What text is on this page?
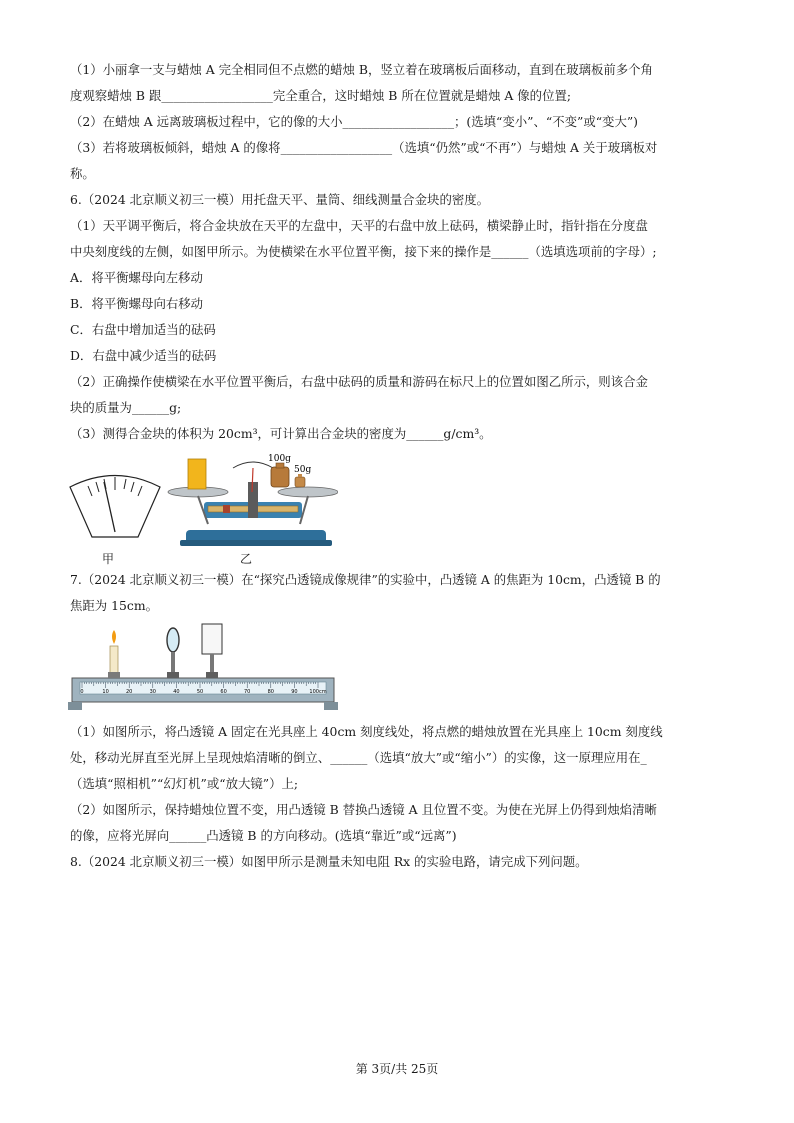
（1）小丽拿一支与蜡烛 A 完全相同但不点燃的蜡烛 B，竖立着在玻璃板后面移动，直到在玻璃板前多个角
度观察蜡烛 B 跟__________________完全重合，这时蜡烛 B 所在位置就是蜡烛 A 像的位置;
（2）在蜡烛 A 远离玻璃板过程中，它的像的大小__________________；(选填“变小”、“不变”或“变大”)
（3）若将玻璃板倾斜，蜡烛 A 的像将__________________（选填“仍然”或“不再”）与蜡烛 A 关于玻璃板对
称。
6.（2024 北京顺义初三一模）用托盘天平、量筒、细线测量合金块的密度。
（1）天平调平衡后，将合金块放在天平的左盘中，天平的右盘中放上砝码，横梁静止时，指针指在分度盘
中央刻度线的左侧，如图甲所示。为使横梁在水平位置平衡，接下来的操作是______（选填选项前的字母）;
A．将平衡螺母向左移动
B．将平衡螺母向右移动
C．右盘中增加适当的砝码
D．右盘中减少适当的砝码
（2）正确操作使横梁在水平位置平衡后，右盘中砝码的质量和游码在标尺上的位置如图乙所示，则该合金
块的质量为______g;
（3）测得合金块的体积为 20cm³，可计算出合金块的密度为______g/cm³。
100g
50g
甲	乙
7.（2024 北京顺义初三一模）在“探究凸透镜成像规律”的实验中，凸透镜 A 的焦距为 10cm，凸透镜 B 的
焦距为 15cm。
0	10	20	30	40	50	60	70	80	90 100cm
（1）如图所示，将凸透镜 A 固定在光具座上 40cm 刻度线处，将点燃的蜡烛放置在光具座上 10cm 刻度线
处，移动光屏直至光屏上呈现烛焰清晰的倒立、______（选填“放大”或“缩小”）的实像，这一原理应用在_
（选填“照相机”“幻灯机”或“放大镜”）上;
（2）如图所示，保持蜡烛位置不变，用凸透镜 B 替换凸透镜 A 且位置不变。为使在光屏上仍得到烛焰清晰
的像，应将光屏向______凸透镜 B 的方向移动。(选填“靠近”或“远离”)
8.（2024 北京顺义初三一模）如图甲所示是测量未知电阻 Rx 的实验电路，请完成下列问题。
第 3页/共 25页
